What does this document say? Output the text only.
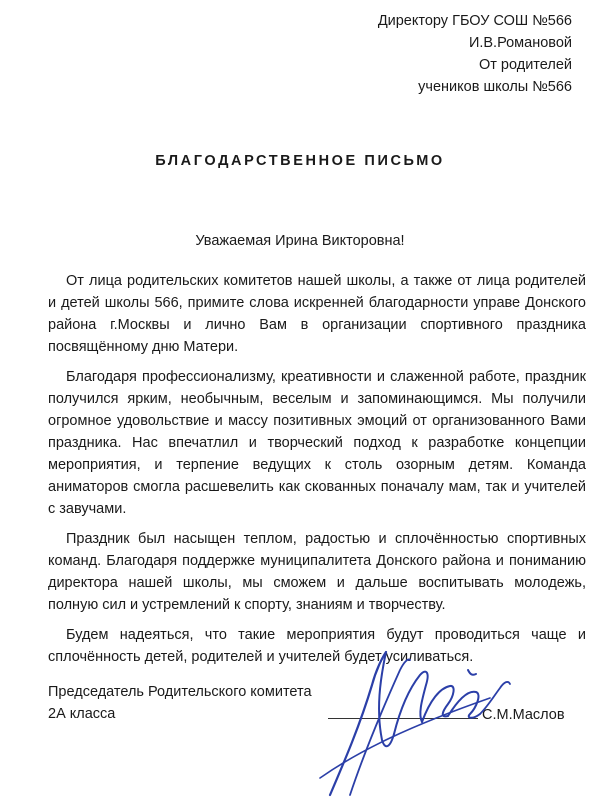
Директору ГБОУ СОШ №566
И.В.Романовой
От родителей
учеников школы №566
БЛАГОДАРСТВЕННОЕ ПИСЬМО
Уважаемая Ирина Викторовна!

От лица родительских комитетов нашей школы, а также от лица родителей и детей школы 566, примите слова искренней благодарности управе Донского района г.Москвы и лично Вам в организации спортивного праздника посвящённому дню Матери.

Благодаря профессионализму, креативности и слаженной работе, праздник получился ярким, необычным, веселым и запоминающимся. Мы получили огромное удовольствие и массу позитивных эмоций от организованного Вами праздника. Нас впечатлил и творческий подход к разработке концепции мероприятия, и терпение ведущих к столь озорным детям. Команда аниматоров смогла расшевелить как скованных поначалу мам, так и учителей с завучами.

Праздник был насыщен теплом, радостью и сплочённостью спортивных команд. Благодаря поддержке муниципалитета Донского района и пониманию директора нашей школы, мы сможем и дальше воспитывать молодежь, полную сил и устремлений к спорту, знаниям и творчеству.

Будем надеяться, что такие мероприятия будут проводиться чаще и сплочённость детей, родителей и учителей будет усиливаться.

Председатель Родительского комитета
2А класса	С.М.Маслов
